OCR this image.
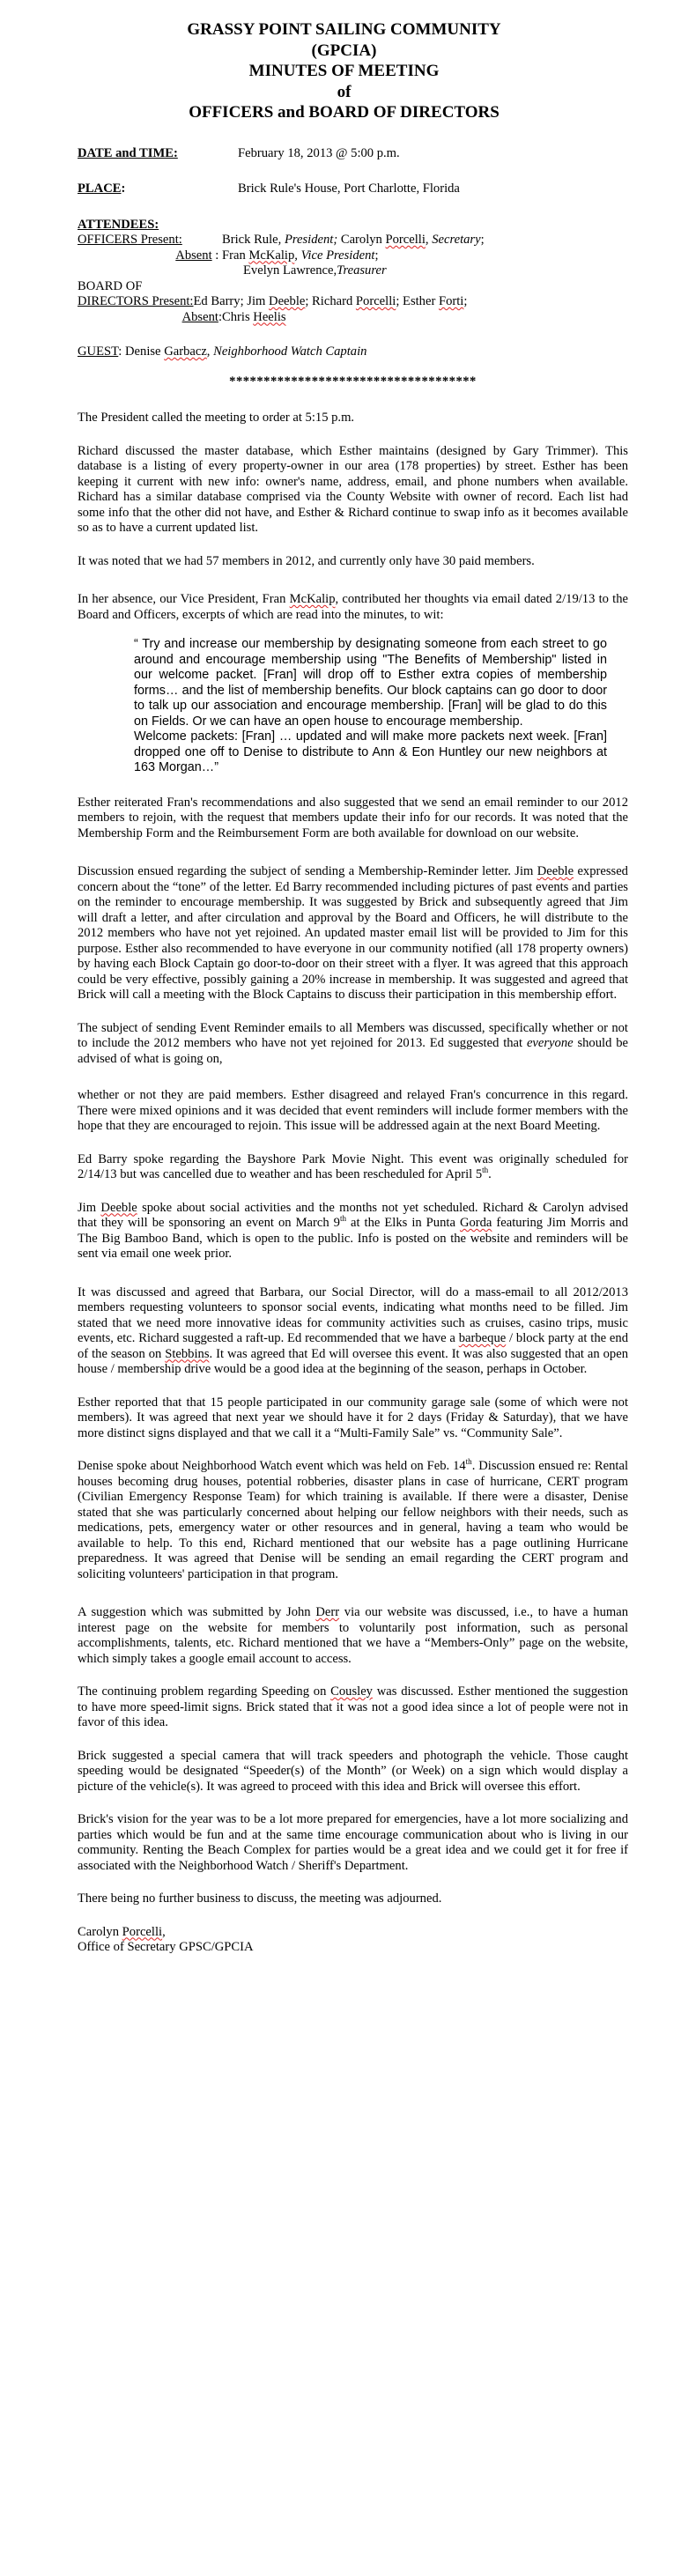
GRASSY POINT SAILING COMMUNITY
(GPCIA)
MINUTES OF MEETING
of
OFFICERS and BOARD OF DIRECTORS
DATE and TIME:	February 18, 2013 @ 5:00 p.m.
PLACE:	Brick Rule's House, Port Charlotte, Florida
ATTENDEES:
OFFICERS Present:	Brick Rule, President; Carolyn Porcelli, Secretary;
Absent : Fran McKalip, Vice President;
Evelyn Lawrence,Treasurer
BOARD OF
DIRECTORS Present: Ed Barry; Jim Deeble; Richard Porcelli; Esther Forti;
Absent: Chris Heelis
GUEST: Denise Garbacz, Neighborhood Watch Captain
************************************

The President called the meeting to order at 5:15 p.m.

Richard discussed the master database, which Esther maintains (designed by Gary Trimmer). This database is a listing of every property-owner in our area (178 properties) by street. Esther has been keeping it current with new info: owner's name, address, email, and phone numbers when available. Richard has a similar database comprised via the County Website with owner of record. Each list had some info that the other did not have, and Esther & Richard continue to swap info as it becomes available so as to have a current updated list.

It was noted that we had 57 members in 2012, and currently only have 30 paid members.

In her absence, our Vice President, Fran McKalip, contributed her thoughts via email dated 2/19/13 to the Board and Officers, excerpts of which are read into the minutes, to wit:

“ Try and increase our membership by designating someone from each street to go around and encourage membership using "The Benefits of Membership" listed in our welcome packet. [Fran] will drop off to Esther extra copies of membership forms… and the list of membership benefits. Our block captains can go door to door to talk up our association and encourage membership. [Fran] will be glad to do this on Fields. Or we can have an open house to encourage membership.
Welcome packets: [Fran] … updated and will make more packets next week. [Fran] dropped one off to Denise to distribute to Ann & Eon Huntley our new neighbors at 163 Morgan…”

Esther reiterated Fran's recommendations and also suggested that we send an email reminder to our 2012 members to rejoin, with the request that members update their info for our records. It was noted that the Membership Form and the Reimbursement Form are both available for download on our website.

Discussion ensued regarding the subject of sending a Membership-Reminder letter. Jim Deeble expressed concern about the “tone” of the letter. Ed Barry recommended including pictures of past events and parties on the reminder to encourage membership. It was suggested by Brick and subsequently agreed that Jim will draft a letter, and after circulation and approval by the Board and Officers, he will distribute to the 2012 members who have not yet rejoined. An updated master email list will be provided to Jim for this purpose. Esther also recommended to have everyone in our community notified (all 178 property owners) by having each Block Captain go door-to-door on their street with a flyer. It was agreed that this approach could be very effective, possibly gaining a 20% increase in membership. It was suggested and agreed that Brick will call a meeting with the Block Captains to discuss their participation in this membership effort.

The subject of sending Event Reminder emails to all Members was discussed, specifically whether or not to include the 2012 members who have not yet rejoined for 2013. Ed suggested that everyone should be advised of what is going on,

whether or not they are paid members. Esther disagreed and relayed Fran's concurrence in this regard. There were mixed opinions and it was decided that event reminders will include former members with the hope that they are encouraged to rejoin. This issue will be addressed again at the next Board Meeting.

Ed Barry spoke regarding the Bayshore Park Movie Night. This event was originally scheduled for 2/14/13 but was cancelled due to weather and has been rescheduled for April 5th.

Jim Deeble spoke about social activities and the months not yet scheduled. Richard & Carolyn advised that they will be sponsoring an event on March 9th at the Elks in Punta Gorda featuring Jim Morris and The Big Bamboo Band, which is open to the public. Info is posted on the website and reminders will be sent via email one week prior.

It was discussed and agreed that Barbara, our Social Director, will do a mass-email to all 2012/2013 members requesting volunteers to sponsor social events, indicating what months need to be filled. Jim stated that we need more innovative ideas for community activities such as cruises, casino trips, music events, etc. Richard suggested a raft-up. Ed recommended that we have a barbeque / block party at the end of the season on Stebbins. It was agreed that Ed will oversee this event. It was also suggested that an open house / membership drive would be a good idea at the beginning of the season, perhaps in October.

Esther reported that that 15 people participated in our community garage sale (some of which were not members). It was agreed that next year we should have it for 2 days (Friday & Saturday), that we have more distinct signs displayed and that we call it a “Multi-Family Sale” vs. “Community Sale”.

Denise spoke about Neighborhood Watch event which was held on Feb. 14th. Discussion ensued re: Rental houses becoming drug houses, potential robberies, disaster plans in case of hurricane, CERT program (Civilian Emergency Response Team) for which training is available. If there were a disaster, Denise stated that she was particularly concerned about helping our fellow neighbors with their needs, such as medications, pets, emergency water or other resources and in general, having a team who would be available to help. To this end, Richard mentioned that our website has a page outlining Hurricane preparedness. It was agreed that Denise will be sending an email regarding the CERT program and soliciting volunteers' participation in that program.

A suggestion which was submitted by John Derr via our website was discussed, i.e., to have a human interest page on the website for members to voluntarily post information, such as personal accomplishments, talents, etc. Richard mentioned that we have a “Members-Only” page on the website, which simply takes a google email account to access.

The continuing problem regarding Speeding on Cousley was discussed. Esther mentioned the suggestion to have more speed-limit signs. Brick stated that it was not a good idea since a lot of people were not in favor of this idea.

Brick suggested a special camera that will track speeders and photograph the vehicle. Those caught speeding would be designated “Speeder(s) of the Month” (or Week) on a sign which would display a picture of the vehicle(s). It was agreed to proceed with this idea and Brick will oversee this effort.

Brick's vision for the year was to be a lot more prepared for emergencies, have a lot more socializing and parties which would be fun and at the same time encourage communication about who is living in our community. Renting the Beach Complex for parties would be a great idea and we could get it for free if associated with the Neighborhood Watch / Sheriff's Department.

There being no further business to discuss, the meeting was adjourned.

Carolyn Porcelli,
Office of Secretary GPSC/GPCIA
